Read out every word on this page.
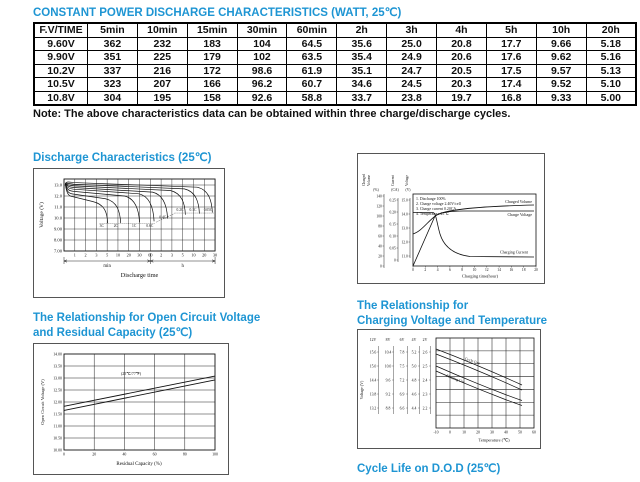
CONSTANT POWER DISCHARGE CHARACTERISTICS (WATT, 25℃)
F.V/TIME	5min	10min	15min	30min	60min	2h	3h	4h	5h	10h	20h
9.60V	362	232	183	104	64.5	35.6	25.0	20.8	17.7	9.66	5.18
9.90V	351	225	179	102	63.5	35.4	24.9	20.6	17.6	9.62	5.16
10.2V	337	216	172	98.6	61.9	35.1	24.7	20.5	17.5	9.57	5.13
10.5V	323	207	166	96.2	60.7	34.6	24.5	20.3	17.4	9.52	5.10
10.8V	304	195	158	92.6	58.8	33.7	23.8	19.7	16.8	9.33	5.00
Note: The above characteristics data can be obtained within three charge/discharge cycles.
Discharge Characteristics (25℃)
13.0
12.0
11.0
10.0
9.00
8.00
7.00
1 2 3 5 10 20 30 60 2 3 5 10 20 30
Voltage (V)	3C	2C	1C	0.6C
0.4C
0.2C 0.1C 0.05C
min	h
Discharge time
Charged Volume	Current	Voltage
(%)	(CA) (V)
140
120
100
80
60
40
20
0
0.25
0.20
0.15
0.10
0.05
0
15.0
14.0
13.0
12.0
11.0
0	2	4	6	8	10 12 14 16 18 20
Charging time(hour)
1. Discharge 100%
2. Charge voltage 2.40V/cell
3. Charge current 0.20CA
4. Temperature 25℃
Charged Volume
Charge Voltage
Charging Current
The Relationship for Open Circuit Voltage
and Residual Capacity (25℃)
14.00
13.50
13.00
12.50
12.00
11.50
11.00
10.50
10.00
0	20	40	60	80	100
Open Circuit Voltage (V)
Residual Capacity (%)
(25℃/77℉)
The Relationship for
Charging Voltage and Temperature
12V 8V 6V 4V 2V
15.6
15.0
14.4
13.8
13.2
10.4
10.0
9.6
9.2
8.8
7.8
7.5
7.2
6.9
6.6
5.2
5.0
4.8
4.6
4.4
2.6
2.5
2.4
2.3
2.2
Voltage (V)
-10	0	10	20	30	40	50	60
Temperature (℃)
Cycle Use
Floating Use
Cycle Life on D.O.D (25℃)
